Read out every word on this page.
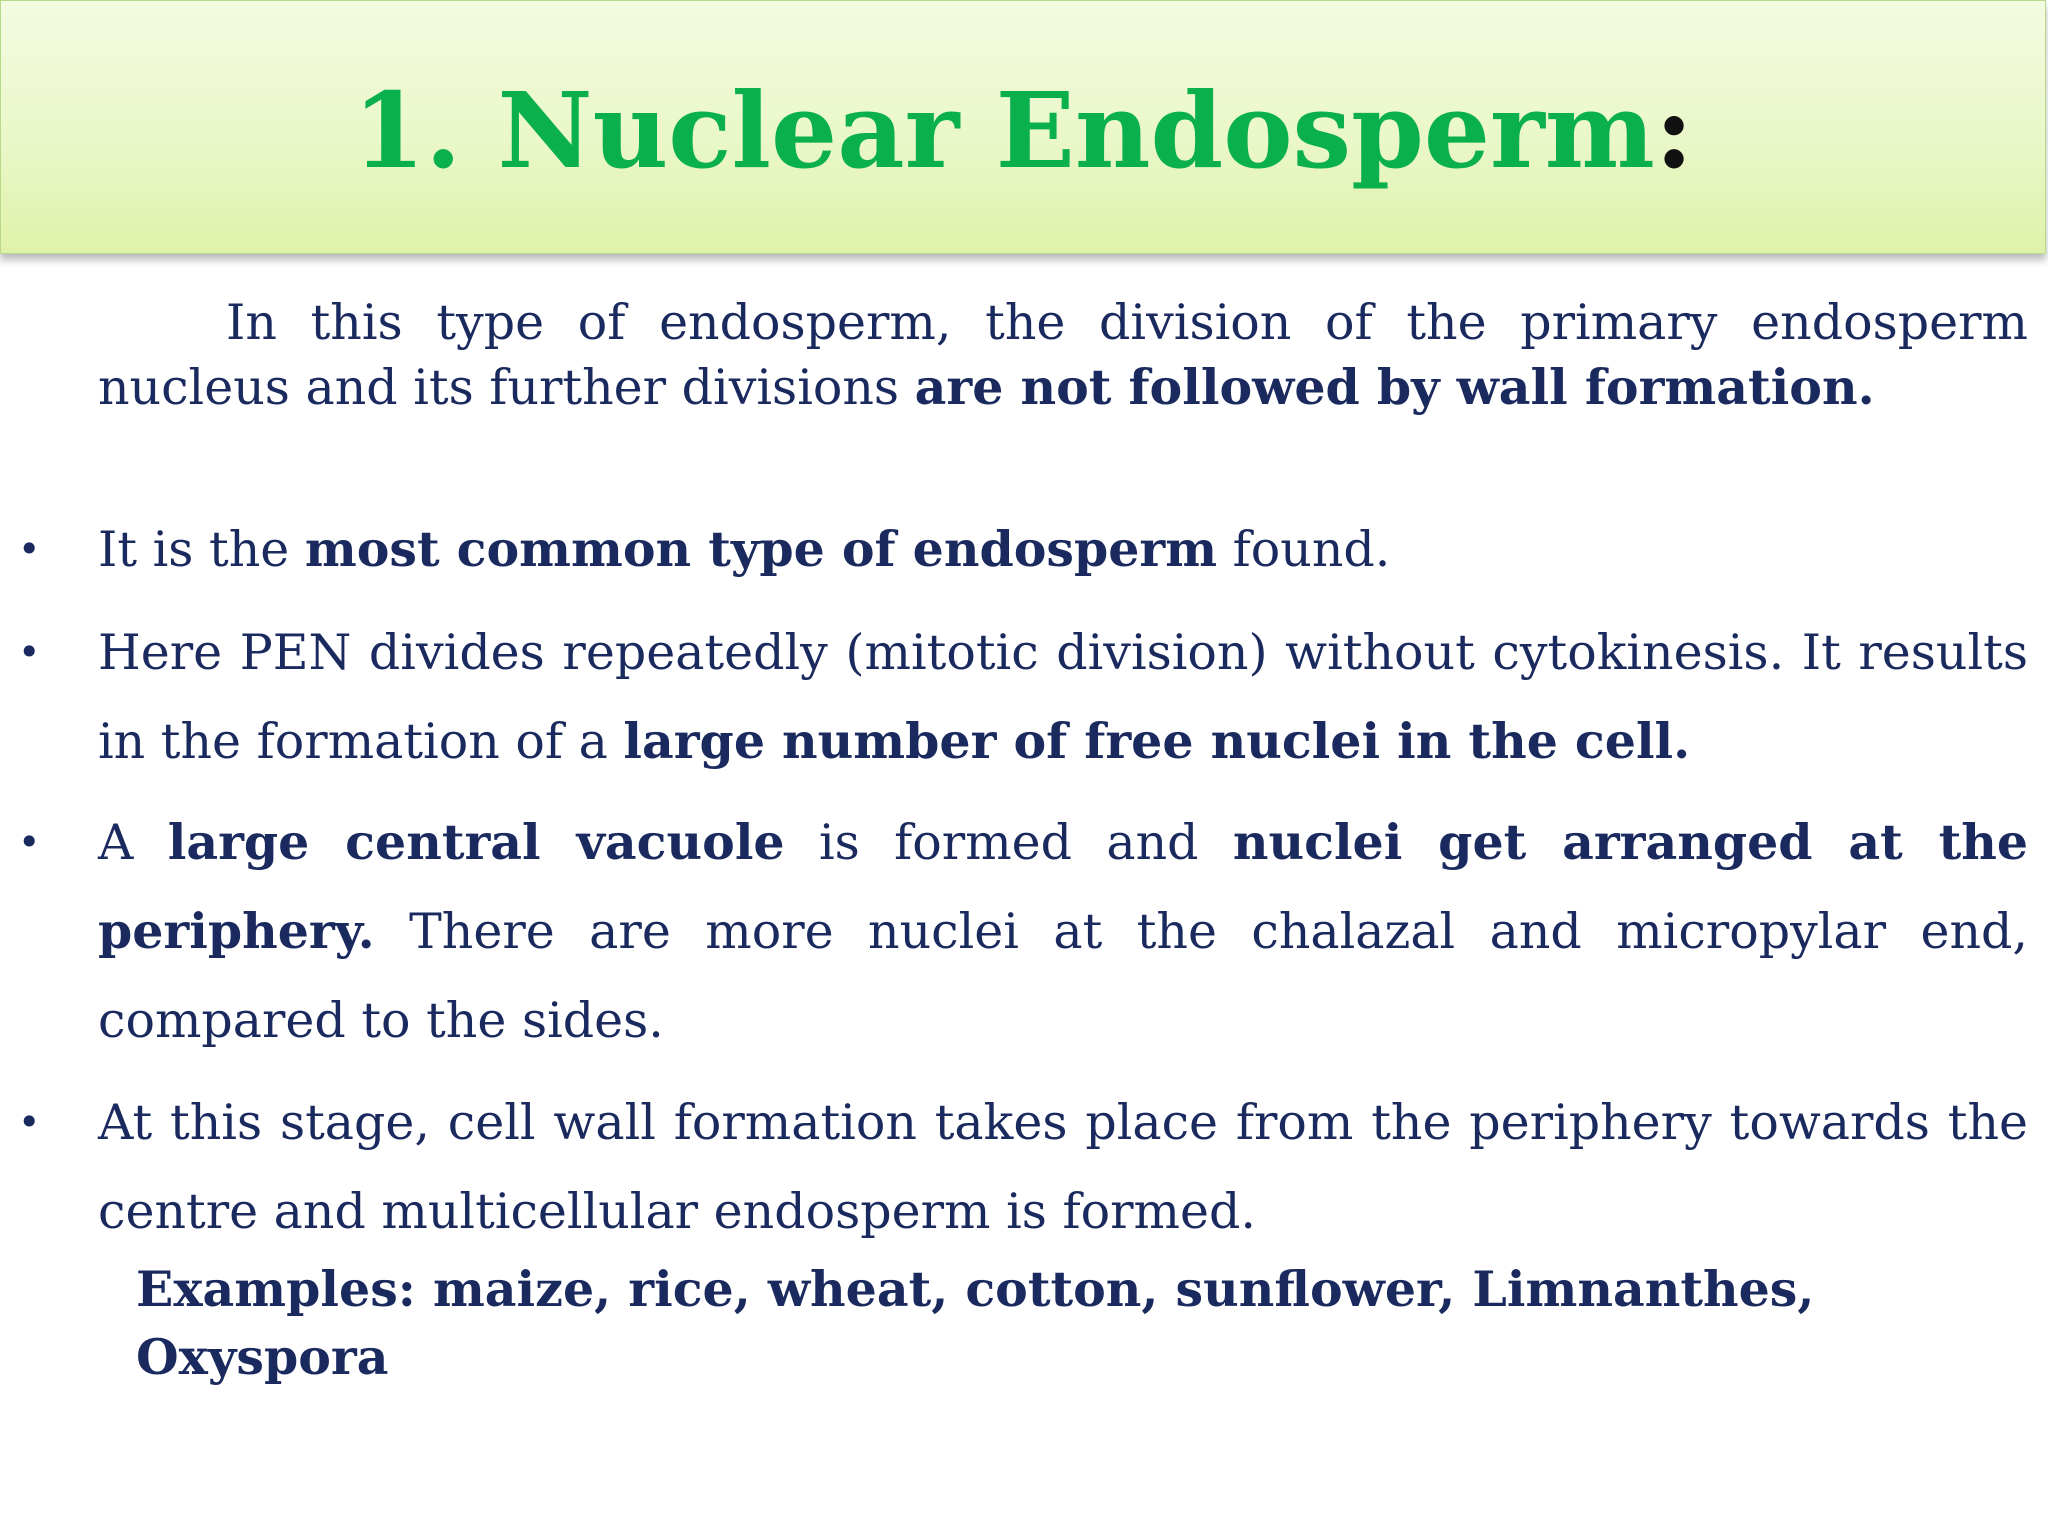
1. Nuclear Endosperm:
In this type of endosperm, the division of the primary endosperm
nucleus and its further divisions are not followed by wall formation.
• It is the most common type of endosperm found.
• Here PEN divides repeatedly (mitotic division) without cytokinesis. It results
in the formation of a large number of free nuclei in the cell.
• A large central vacuole is formed and nuclei get arranged at the
periphery. There are more nuclei at the chalazal and micropylar end,
compared to the sides.
• At this stage, cell wall formation takes place from the periphery towards the
centre and multicellular endosperm is formed.
Examples: maize, rice, wheat, cotton, sunflower, Limnanthes,
Oxyspora
